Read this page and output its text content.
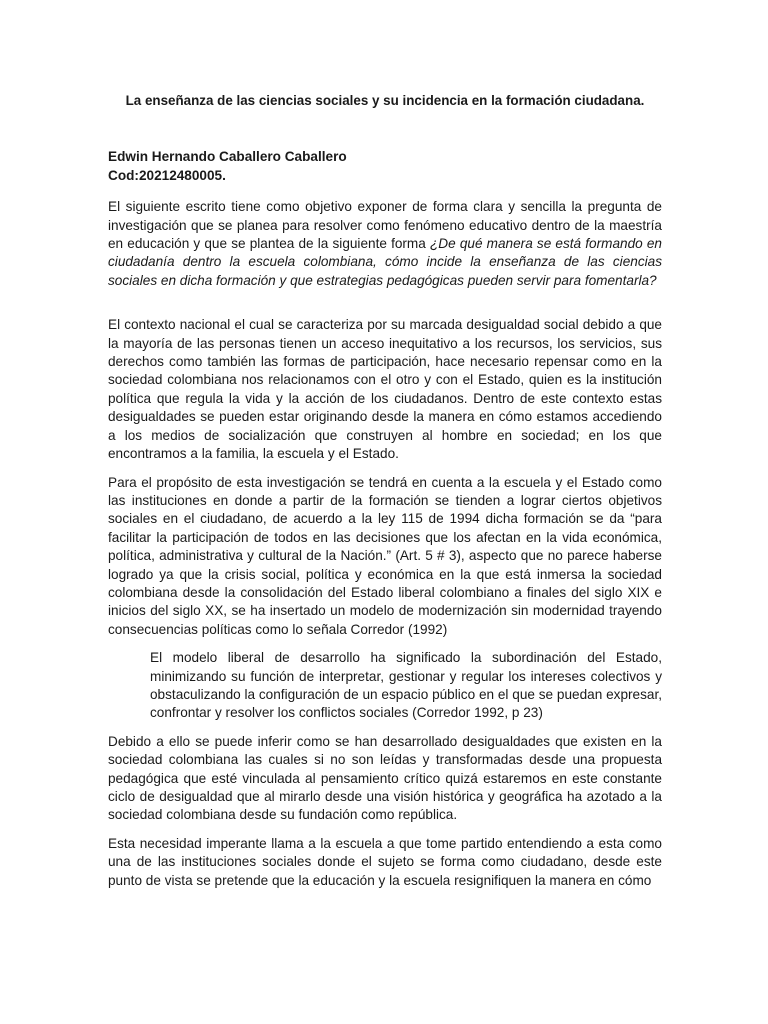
La enseñanza de las ciencias sociales y su incidencia en la formación ciudadana.
Edwin Hernando Caballero Caballero
Cod:20212480005.

El siguiente escrito tiene como objetivo exponer de forma clara y sencilla la pregunta de investigación que se planea para resolver como fenómeno educativo dentro de la maestría en educación y que se plantea de la siguiente forma ¿De qué manera se está formando en ciudadanía dentro la escuela colombiana, cómo incide la enseñanza de las ciencias sociales en dicha formación y que estrategias pedagógicas pueden servir para fomentarla?

El contexto nacional el cual se caracteriza por su marcada desigualdad social debido a que la mayoría de las personas tienen un acceso inequitativo a los recursos, los servicios, sus derechos como también las formas de participación, hace necesario repensar como en la sociedad colombiana nos relacionamos con el otro y con el Estado, quien es la institución política que regula la vida y la acción de los ciudadanos. Dentro de este contexto estas desigualdades se pueden estar originando desde la manera en cómo estamos accediendo a los medios de socialización que construyen al hombre en sociedad; en los que encontramos a la familia, la escuela y el Estado.

Para el propósito de esta investigación se tendrá en cuenta a la escuela y el Estado como las instituciones en donde a partir de la formación se tienden a lograr ciertos objetivos sociales en el ciudadano, de acuerdo a la ley 115 de 1994 dicha formación se da “para facilitar la participación de todos en las decisiones que los afectan en la vida económica, política, administrativa y cultural de la Nación.” (Art. 5 # 3), aspecto que no parece haberse logrado ya que la crisis social, política y económica en la que está inmersa la sociedad colombiana desde la consolidación del Estado liberal colombiano a finales del siglo XIX e inicios del siglo XX, se ha insertado un modelo de modernización sin modernidad trayendo consecuencias políticas como lo señala Corredor (1992)

El modelo liberal de desarrollo ha significado la subordinación del Estado, minimizando su función de interpretar, gestionar y regular los intereses colectivos y obstaculizando la configuración de un espacio público en el que se puedan expresar, confrontar y resolver los conflictos sociales (Corredor 1992, p 23)

Debido a ello se puede inferir como se han desarrollado desigualdades que existen en la sociedad colombiana las cuales si no son leídas y transformadas desde una propuesta pedagógica que esté vinculada al pensamiento crítico quizá estaremos en este constante ciclo de desigualdad que al mirarlo desde una visión histórica y geográfica ha azotado a la sociedad colombiana desde su fundación como república.

Esta necesidad imperante llama a la escuela a que tome partido entendiendo a esta como una de las instituciones sociales donde el sujeto se forma como ciudadano, desde este punto de vista se pretende que la educación y la escuela resignifiquen la manera en cómo
